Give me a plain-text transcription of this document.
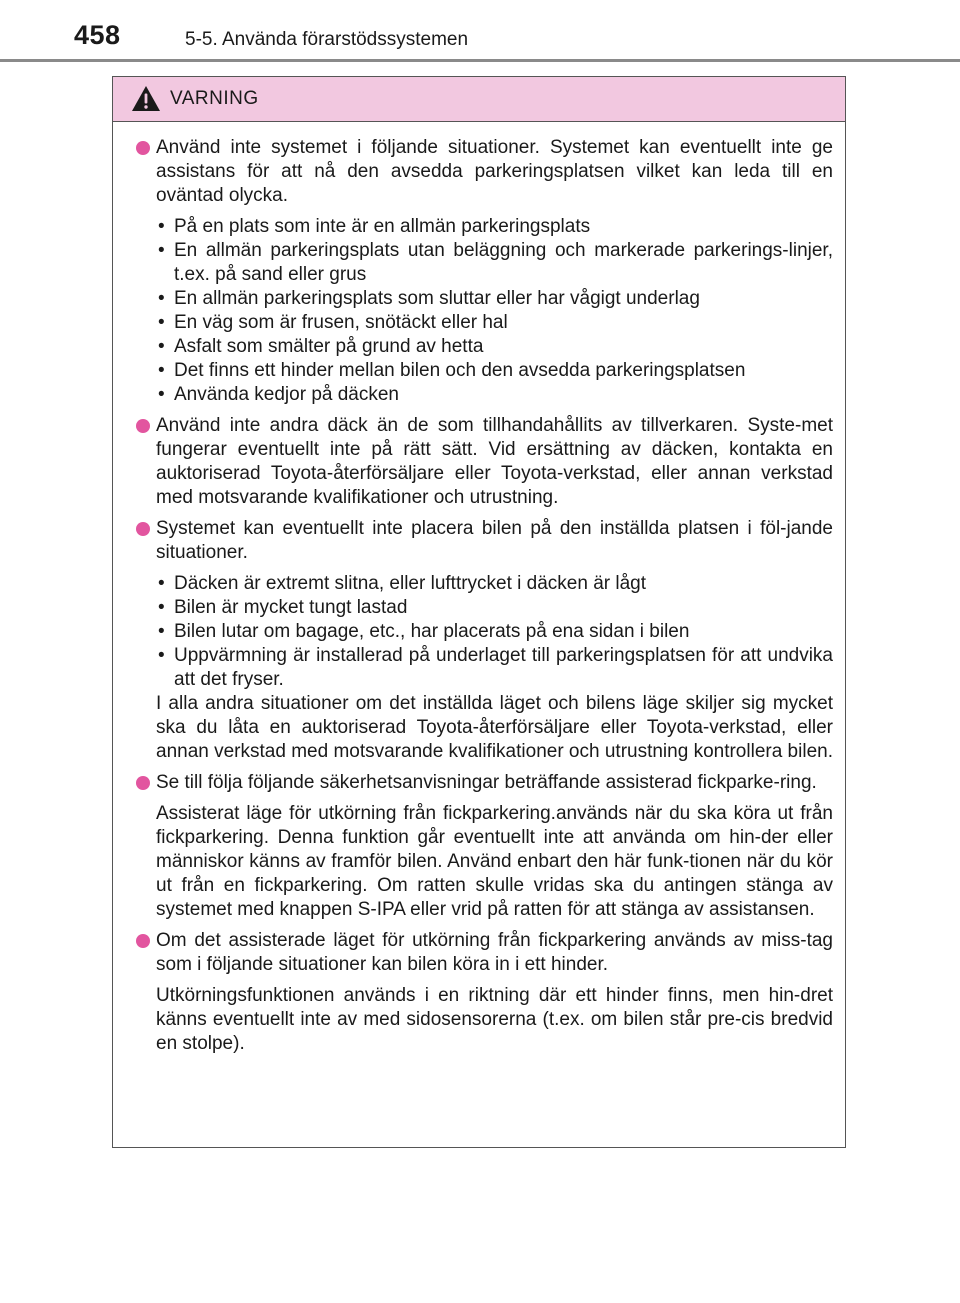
458	5-5. Använda förarstödssystemen
VARNING
Använd inte systemet i följande situationer. Systemet kan eventuellt inte ge assistans för att nå den avsedda parkeringsplatsen vilket kan leda till en oväntad olycka.
• På en plats som inte är en allmän parkeringsplats
• En allmän parkeringsplats utan beläggning och markerade parkerings-linjer, t.ex. på sand eller grus
• En allmän parkeringsplats som sluttar eller har vågigt underlag
• En väg som är frusen, snötäckt eller hal
• Asfalt som smälter på grund av hetta
• Det finns ett hinder mellan bilen och den avsedda parkeringsplatsen
• Använda kedjor på däcken
Använd inte andra däck än de som tillhandahållits av tillverkaren. Syste-met fungerar eventuellt inte på rätt sätt. Vid ersättning av däcken, kontakta en auktoriserad Toyota-återförsäljare eller Toyota-verkstad, eller annan verkstad med motsvarande kvalifikationer och utrustning.
Systemet kan eventuellt inte placera bilen på den inställda platsen i föl-jande situationer.
• Däcken är extremt slitna, eller lufttrycket i däcken är lågt
• Bilen är mycket tungt lastad
• Bilen lutar om bagage, etc., har placerats på ena sidan i bilen
• Uppvärmning är installerad på underlaget till parkeringsplatsen för att undvika att det fryser.

I alla andra situationer om det inställda läget och bilens läge skiljer sig mycket ska du låta en auktoriserad Toyota-återförsäljare eller Toyota-verkstad, eller annan verkstad med motsvarande kvalifikationer och utrustning kontrollera bilen.

Se till följa följande säkerhetsanvisningar beträffande assisterad fickparke-ring.

Assisterat läge för utkörning från fickparkering.används när du ska köra ut från fickparkering. Denna funktion går eventuellt inte att använda om hin-der eller människor känns av framför bilen. Använd enbart den här funk-tionen när du kör ut från en fickparkering. Om ratten skulle vridas ska du antingen stänga av systemet med knappen S-IPA eller vrid på ratten för att stänga av assistansen.

Om det assisterade läget för utkörning från fickparkering används av miss-tag som i följande situationer kan bilen köra in i ett hinder.

Utkörningsfunktionen används i en riktning där ett hinder finns, men hin-dret känns eventuellt inte av med sidosensorerna (t.ex. om bilen står pre-cis bredvid en stolpe).
